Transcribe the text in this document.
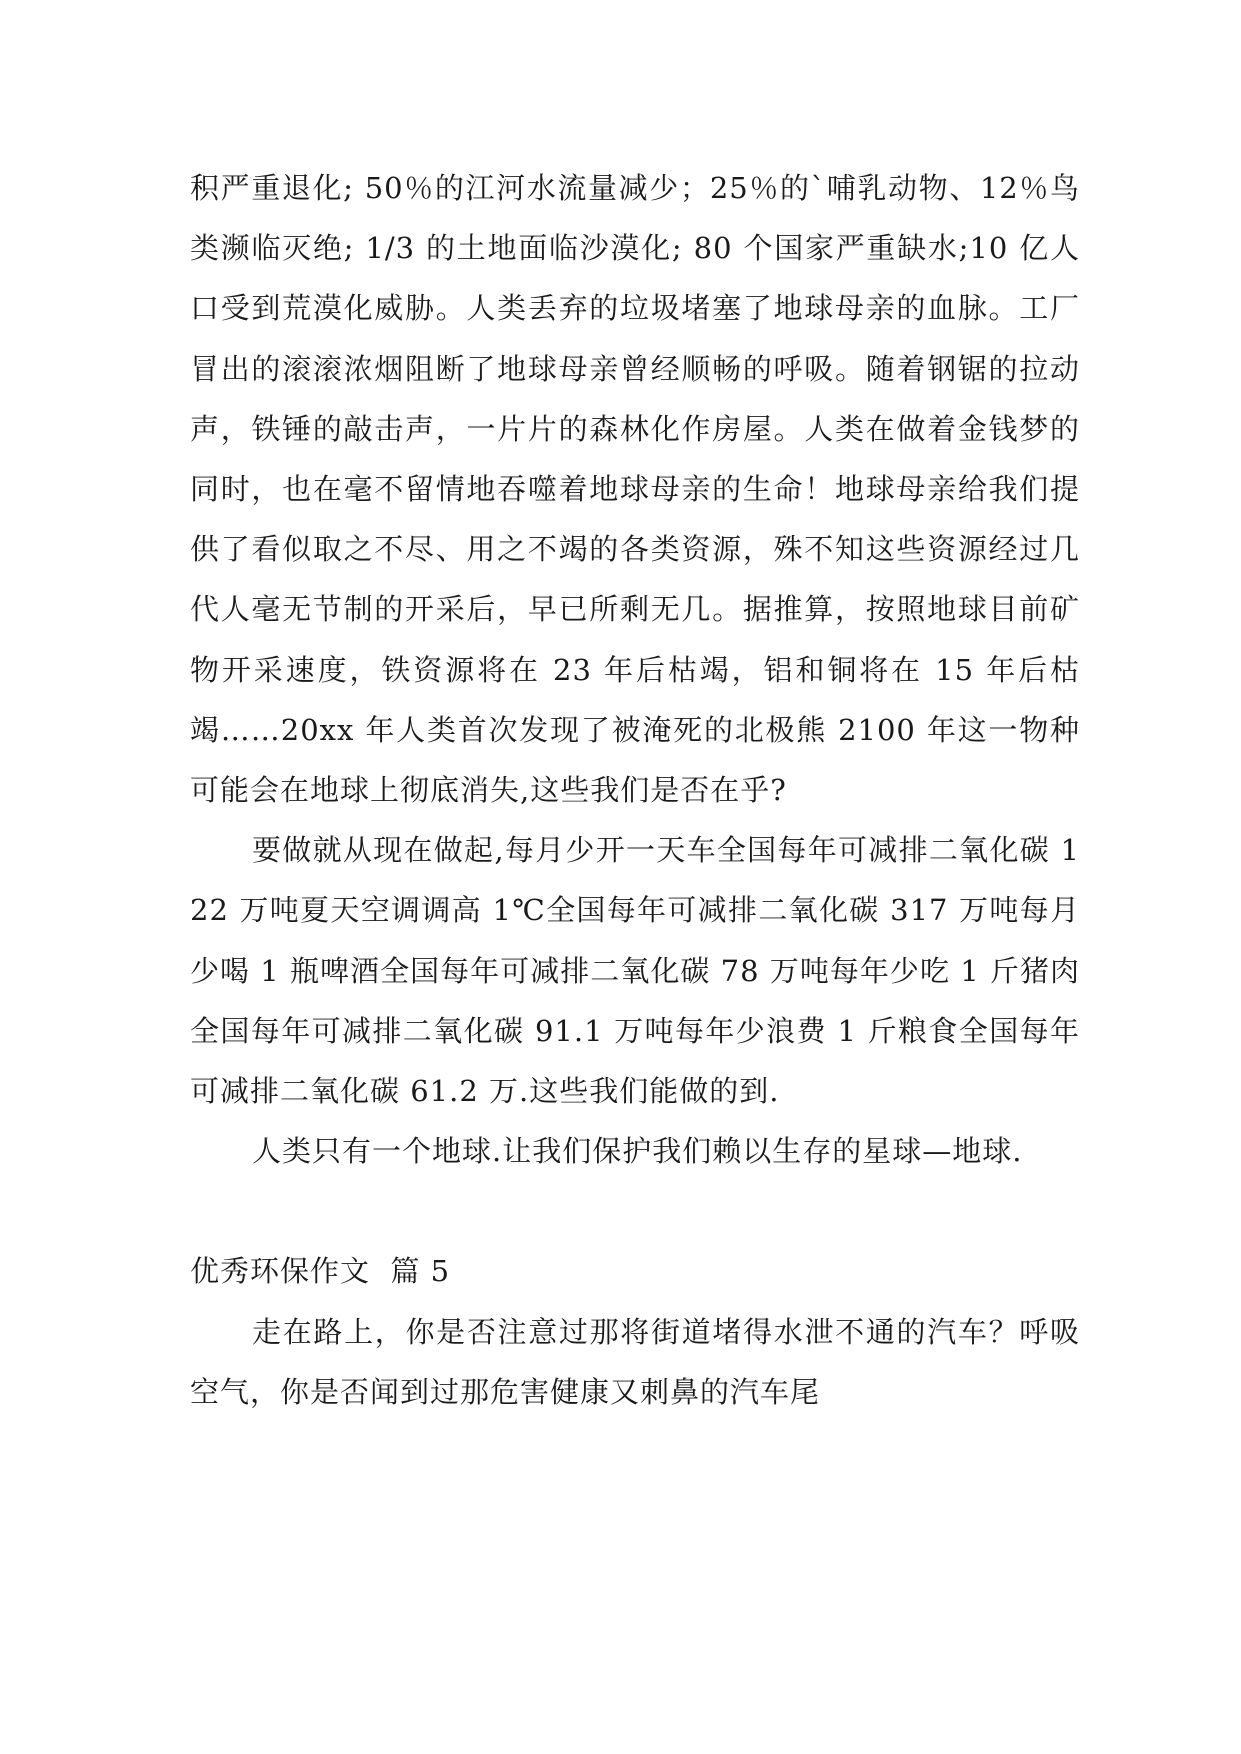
积严重退化; 50％的江河水流量减少；25％的`哺乳动物、12％鸟类濒临灭绝; 1/3 的土地面临沙漠化; 80 个国家严重缺水;10 亿人口受到荒漠化威胁。人类丢弃的垃圾堵塞了地球母亲的血脉。工厂冒出的滚滚浓烟阻断了地球母亲曾经顺畅的呼吸。随着钢锯的拉动声，铁锤的敲击声，一片片的森林化作房屋。人类在做着金钱梦的同时，也在毫不留情地吞噬着地球母亲的生命！地球母亲给我们提供了看似取之不尽、用之不竭的各类资源，殊不知这些资源经过几代人毫无节制的开采后，早已所剩无几。据推算，按照地球目前矿物开采速度，铁资源将在 23 年后枯竭，铝和铜将在 15 年后枯竭……20xx 年人类首次发现了被淹死的北极熊 2100 年这一物种可能会在地球上彻底消失,这些我们是否在乎?

要做就从现在做起,每月少开一天车全国每年可减排二氧化碳 122 万吨夏天空调调高 1℃全国每年可减排二氧化碳 317 万吨每月少喝 1 瓶啤酒全国每年可减排二氧化碳 78 万吨每年少吃 1 斤猪肉全国每年可减排二氧化碳 91.1 万吨每年少浪费 1 斤粮食全国每年可减排二氧化碳 61.2 万.这些我们能做的到.

人类只有一个地球.让我们保护我们赖以生存的星球—地球.

优秀环保作文  篇 5

走在路上，你是否注意过那将街道堵得水泄不通的汽车？呼吸空气，你是否闻到过那危害健康又刺鼻的汽车尾
